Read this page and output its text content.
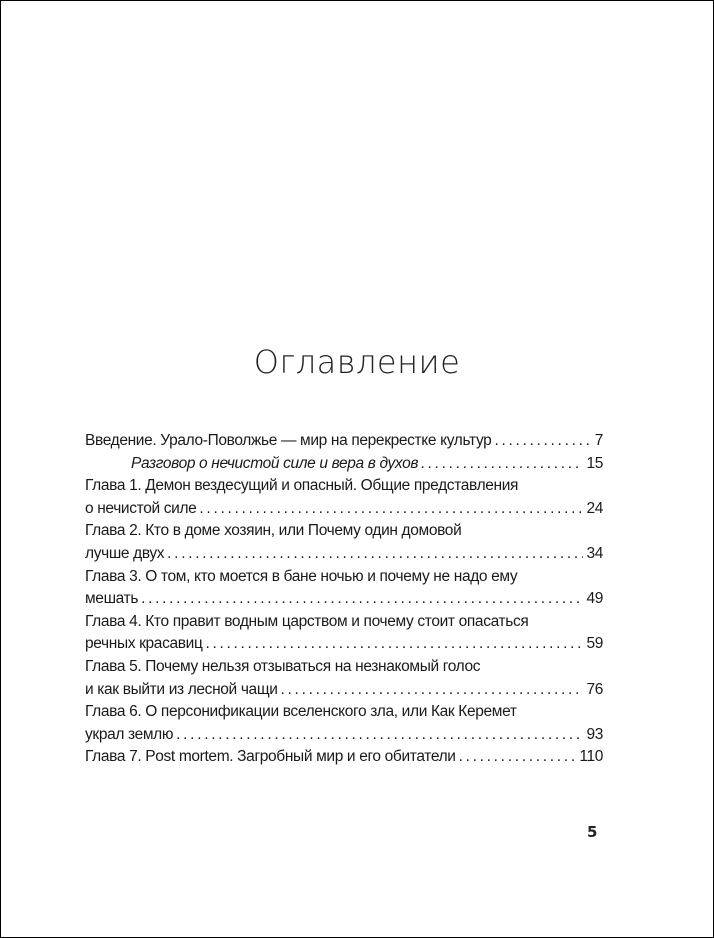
Оглавление
Введение. Урало-Поволжье — мир на перекрестке культур . . .	7
Разговор о нечистой силе и вера в духов . . .	15
Глава 1. Демон вездесущий и опасный. Общие представления
о нечистой силе . . .	24
Глава 2. Кто в доме хозяин, или Почему один домовой
лучше двух . . .	34
Глава 3. О том, кто моется в бане ночью и почему не надо ему
мешать . . .	49
Глава 4. Кто правит водным царством и почему стоит опасаться
речных красавиц . . .	59
Глава 5. Почему нельзя отзываться на незнакомый голос
и как выйти из лесной чащи . . .	76
Глава 6. О персонификации вселенского зла, или Как Керемет
украл землю . . .	93
Глава 7. Post mortem. Загробный мир и его обитатели . . .	110
5
